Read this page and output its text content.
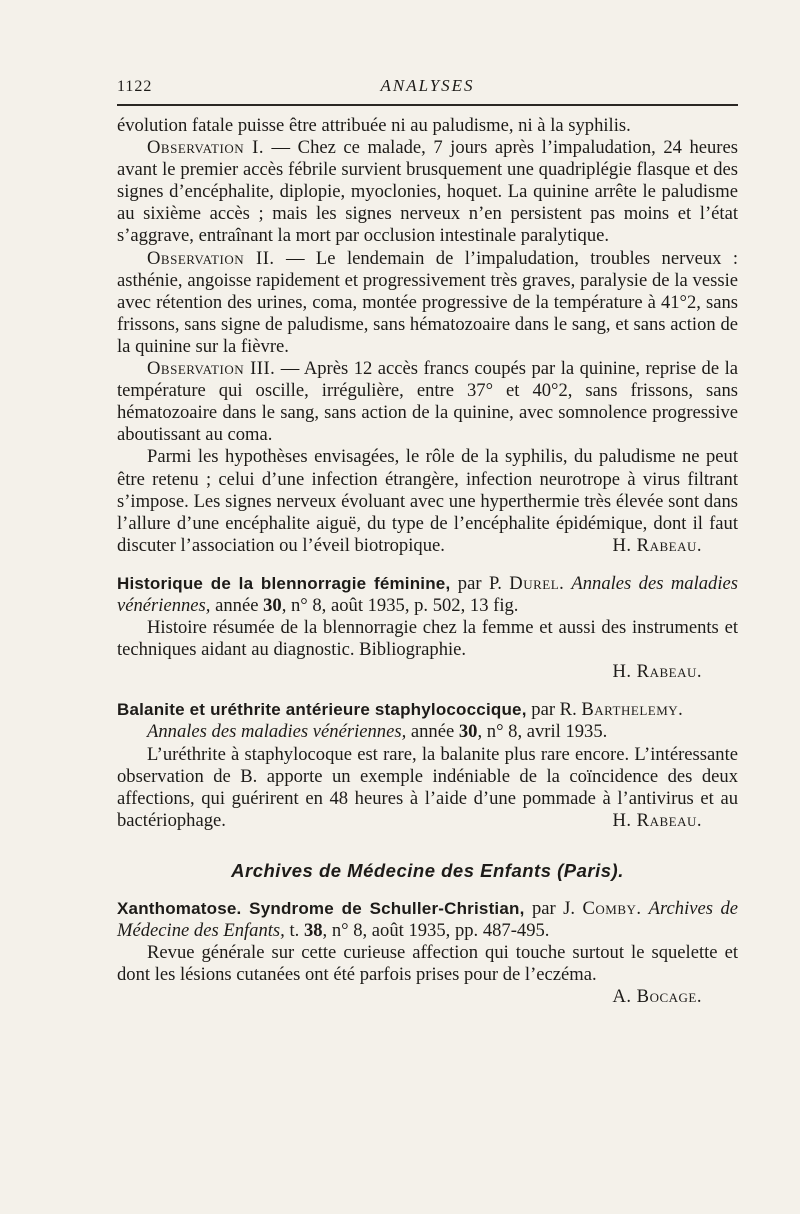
1122	ANALYSES

évolution fatale puisse être attribuée ni au paludisme, ni à la syphilis.

Observation I. — Chez ce malade, 7 jours après l’impaludation, 24 heures avant le premier accès fébrile survient brusquement une quadriplégie flasque et des signes d’encéphalite, diplopie, myoclonies, hoquet. La quinine arrête le paludisme au sixième accès ; mais les signes nerveux n’en persistent pas moins et l’état s’aggrave, entraînant la mort par occlusion intestinale paralytique.

Observation II. — Le lendemain de l’impaludation, troubles nerveux : asthénie, angoisse rapidement et progressivement très graves, paralysie de la vessie avec rétention des urines, coma, montée progressive de la température à 41°2, sans frissons, sans signe de paludisme, sans hématozoaire dans le sang, et sans action de la quinine sur la fièvre.

Observation III. — Après 12 accès francs coupés par la quinine, reprise de la température qui oscille, irrégulière, entre 37° et 40°2, sans frissons, sans hématozoaire dans le sang, sans action de la quinine, avec somnolence progressive aboutissant au coma.

Parmi les hypothèses envisagées, le rôle de la syphilis, du paludisme ne peut être retenu ; celui d’une infection étrangère, infection neurotrope à virus filtrant s’impose. Les signes nerveux évoluant avec une hyperthermie très élevée sont dans l’allure d’une encéphalite aiguë, du type de l’encéphalite épidémique, dont il faut discuter l’association ou l’éveil biotropique.	H. Rabeau.

Historique de la blennorragie féminine, par P. Durel. Annales des maladies vénériennes, année 30, n° 8, août 1935, p. 502, 13 fig.

Histoire résumée de la blennorragie chez la femme et aussi des instruments et techniques aidant au diagnostic. Bibliographie.

H. Rabeau.

Balanite et uréthrite antérieure staphylococcique, par R. Barthelemy.
Annales des maladies vénériennes, année 30, n° 8, avril 1935.

L’uréthrite à staphylocoque est rare, la balanite plus rare encore. L’intéressante observation de B. apporte un exemple indéniable de la coïncidence des deux affections, qui guérirent en 48 heures à l’aide d’une pommade à l’antivirus et au bactériophage.	H. Rabeau.

Archives de Médecine des Enfants (Paris).

Xanthomatose. Syndrome de Schuller-Christian, par J. Comby. Archives de Médecine des Enfants, t. 38, n° 8, août 1935, pp. 487-495.

Revue générale sur cette curieuse affection qui touche surtout le squelette et dont les lésions cutanées ont été parfois prises pour de l’eczéma.
A. Bocage.
